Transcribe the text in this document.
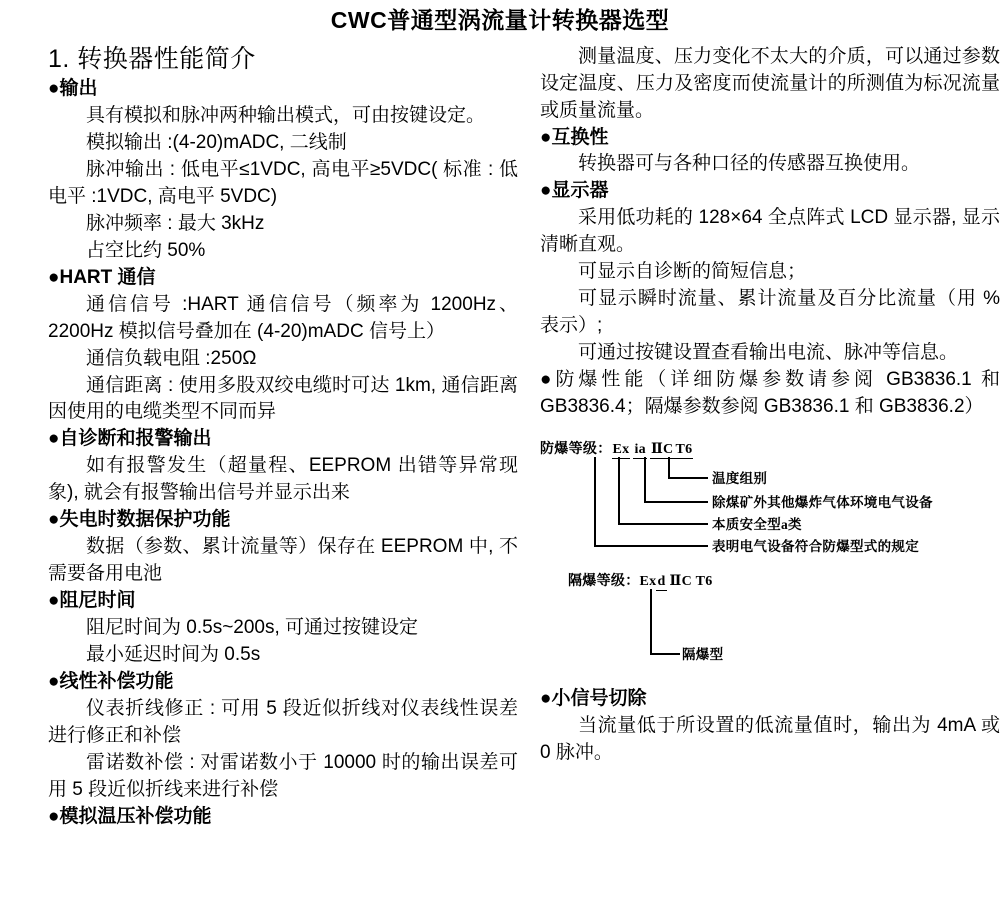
CWC普通型涡流量计转换器选型
1. 转换器性能简介
●输出
具有模拟和脉冲两种输出模式，可由按键设定。
模拟输出 :(4-20)mADC, 二线制
脉冲输出 : 低电平≤1VDC, 高电平≥5VDC( 标准 : 低电平 :1VDC, 高电平 5VDC)
脉冲频率 : 最大 3kHz
占空比约 50%
●HART 通信
通信信号 :HART 通信信号（频率为 1200Hz、2200Hz 模拟信号叠加在 (4-20)mADC 信号上）
通信负载电阻 :250Ω
通信距离 : 使用多股双绞电缆时可达 1km, 通信距离因使用的电缆类型不同而异
●自诊断和报警输出
如有报警发生（超量程、EEPROM 出错等异常现象), 就会有报警输出信号并显示出来
●失电时数据保护功能
数据（参数、累计流量等）保存在 EEPROM 中, 不需要备用电池
●阻尼时间
阻尼时间为 0.5s~200s, 可通过按键设定
最小延迟时间为 0.5s
●线性补偿功能
仪表折线修正 : 可用 5 段近似折线对仪表线性误差进行修正和补偿
雷诺数补偿 : 对雷诺数小于 10000 时的输出误差可用 5 段近似折线来进行补偿
●模拟温压补偿功能
测量温度、压力变化不太大的介质，可以通过参数设定温度、压力及密度而使流量计的所测值为标况流量或质量流量。
●互换性
转换器可与各种口径的传感器互换使用。
●显示器
采用低功耗的 128×64 全点阵式 LCD 显示器, 显示清晰直观。
可显示自诊断的简短信息；
可显示瞬时流量、累计流量及百分比流量（用 % 表示）;
可通过按键设置查看输出电流、脉冲等信息。
●防爆性能（详细防爆参数请参阅 GB3836.1 和 GB3836.4；隔爆参数参阅 GB3836.1 和 GB3836.2）
防爆等级：Ex ia ⅡC T6
温度组别
除煤矿外其他爆炸气体环境电气设备
本质安全型a类
表明电气设备符合防爆型式的规定
隔爆等级：Exd ⅡC T6
隔爆型
●小信号切除
当流量低于所设置的低流量值时，输出为 4mA 或 0 脉冲。
